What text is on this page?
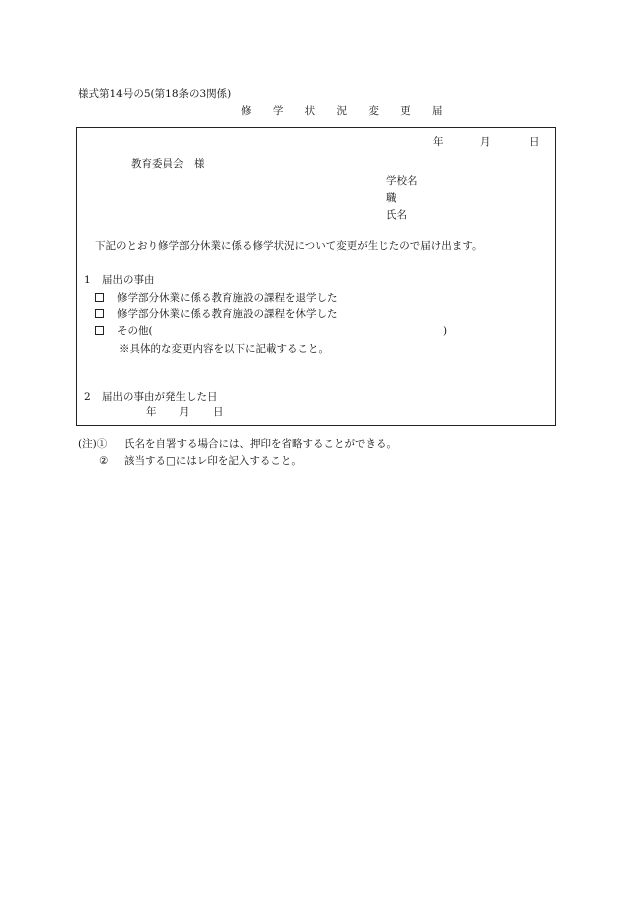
様式第14号の5(第18条の3関係)
修 学 状 況 変 更 届
年	月	日
教育委員会　様
学校名
職
氏名
下記のとおり修学部分休業に係る修学状況について変更が生じたので届け出ます。
1 届出の事由
修学部分休業に係る教育施設の課程を退学した
修学部分休業に係る教育施設の課程を休学した
その他(	)
※具体的な変更内容を以下に記載すること。
2 届出の事由が発生した日
年 月 日
(注)① 氏名を自署する場合には、押印を省略することができる。
② 該当する□にはレ印を記入すること。
